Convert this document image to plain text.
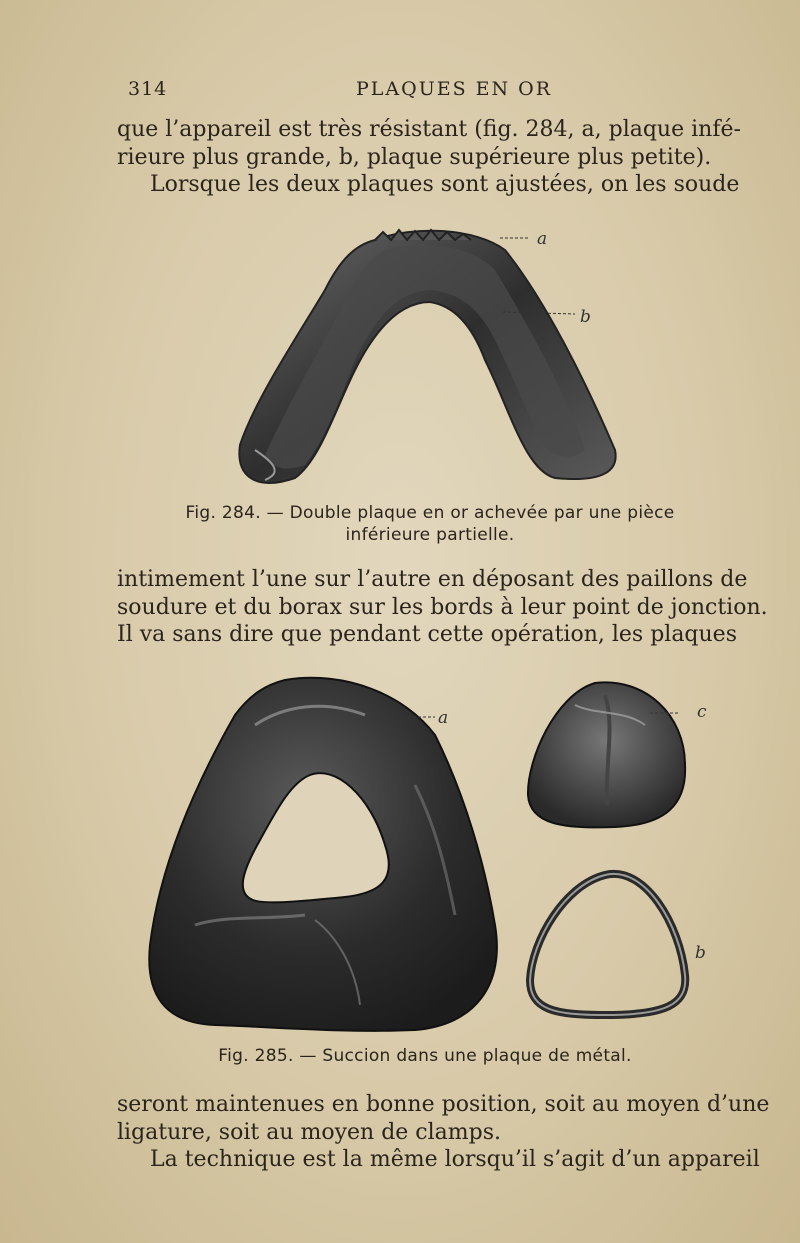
314	PLAQUES EN OR
que l’appareil est très résistant (fig. 284, a, plaque infé-
rieure plus grande, b, plaque supérieure plus petite).
Lorsque les deux plaques sont ajustées, on les soude
a
b
Fig. 284. — Double plaque en or achevée par une pièce
inférieure partielle.
intimement l’une sur l’autre en déposant des paillons de
soudure et du borax sur les bords à leur point de jonction.
Il va sans dire que pendant cette opération, les plaques
a	c
b
Fig. 285. — Succion dans une plaque de métal.
seront maintenues en bonne position, soit au moyen d’une
ligature, soit au moyen de clamps.
La technique est la même lorsqu’il s’agit d’un appareil
